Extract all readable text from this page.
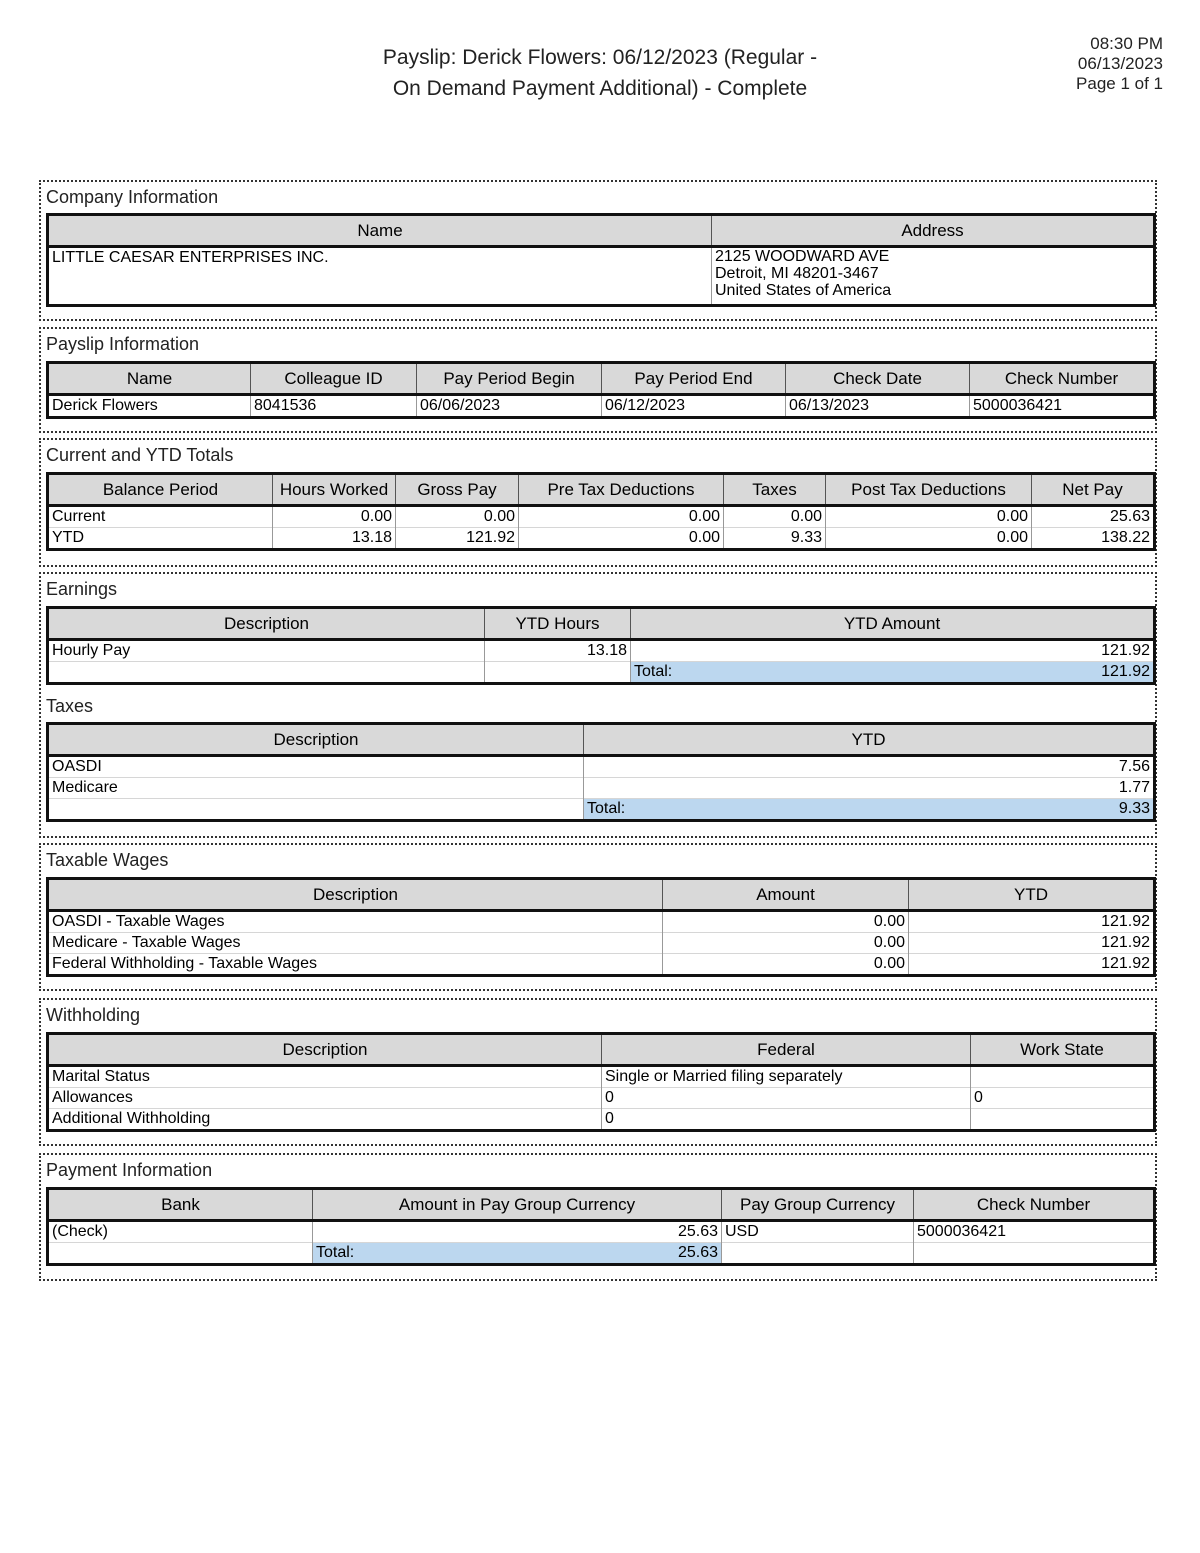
Payslip: Derick Flowers: 06/12/2023 (Regular -
On Demand Payment Additional) - Complete
08:30 PM
06/13/2023
Page 1 of 1
Company Information
Name	Address
LITTLE CAESAR ENTERPRISES INC.	2125 WOODWARD AVE
Detroit, MI 48201-3467
United States of America
Payslip Information
Name	Colleague ID	Pay Period Begin	Pay Period End	Check Date	Check Number
Derick Flowers	8041536	06/06/2023	06/12/2023	06/13/2023	5000036421
Current and YTD Totals
Balance Period	Hours Worked	Gross Pay	Pre Tax Deductions	Taxes	Post Tax Deductions	Net Pay
Current	0.00	0.00	0.00	0.00	0.00	25.63
YTD	13.18	121.92	0.00	9.33	0.00	138.22
Earnings
Description	YTD Hours	YTD Amount
Hourly Pay	13.18	121.92
		Total: 121.92
Taxes
Description	YTD
OASDI	7.56
Medicare	1.77
	Total: 9.33
Taxable Wages
Description	Amount	YTD
OASDI - Taxable Wages	0.00	121.92
Medicare - Taxable Wages	0.00	121.92
Federal Withholding - Taxable Wages	0.00	121.92
Withholding
Description	Federal	Work State
Marital Status	Single or Married filing separately	
Allowances	0	0
Additional Withholding	0	
Payment Information
Bank	Amount in Pay Group Currency	Pay Group Currency	Check Number
(Check)	25.63	USD	5000036421
	Total: 25.63		
